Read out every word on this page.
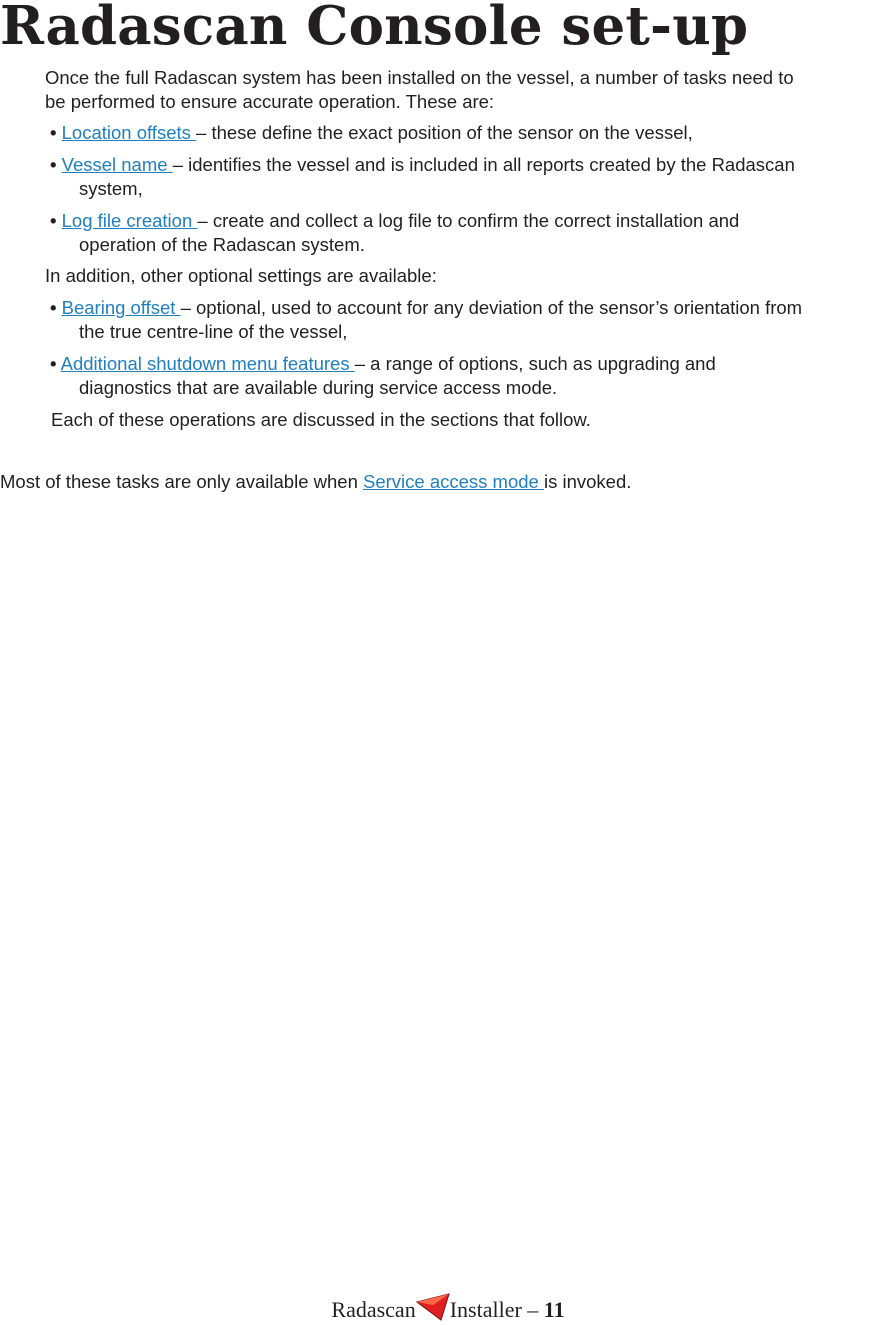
Radascan Console set-up

Once the full Radascan system has been installed on the vessel, a number of tasks need to
be performed to ensure accurate operation. These are:

• Location offsets – these define the exact position of the sensor on the vessel,

• Vessel name – identifies the vessel and is included in all reports created by the Radascan
system,

• Log file creation – create and collect a log file to confirm the correct installation and
operation of the Radascan system.

In addition, other optional settings are available:

• Bearing offset – optional, used to account for any deviation of the sensor’s orientation from
the true centre-line of the vessel,

• Additional shutdown menu features – a range of options, such as upgrading and
diagnostics that are available during service access mode.

Each of these operations are discussed in the sections that follow.

Most of these tasks are only available when Service access mode is invoked.

Radascan Installer – 11
